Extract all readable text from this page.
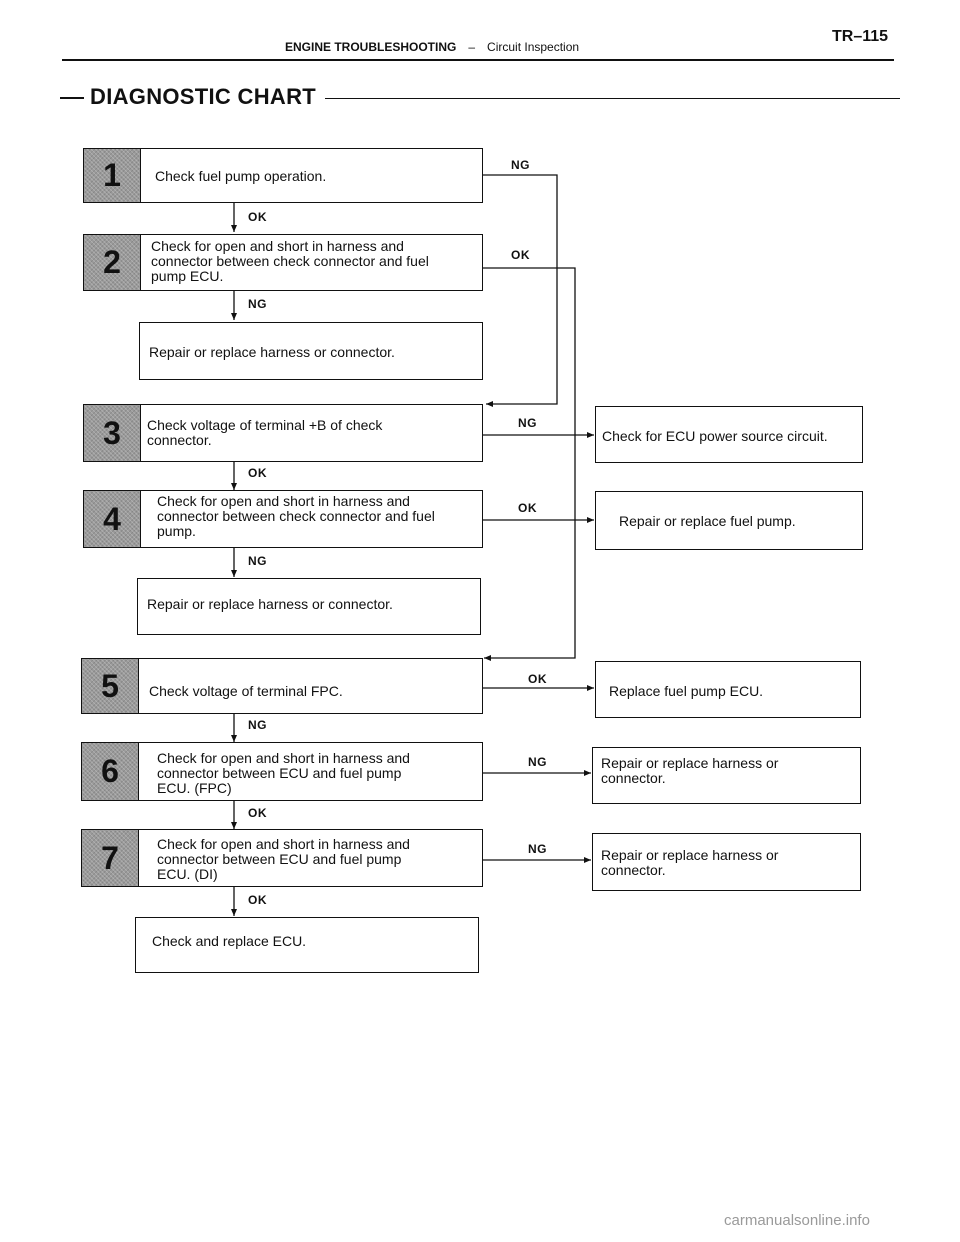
ENGINE TROUBLESHOOTING – Circuit Inspection
TR–115
DIAGNOSTIC CHART
1	Check fuel pump operation.
2	Check for open and short in harness and
connector between check connector and fuel
pump ECU.
Repair or replace harness or connector.
3	Check voltage of terminal +B of check
connector.
4	Check for open and short in harness and
connector between check connector and fuel
pump.
Repair or replace harness or connector.
5	Check voltage of terminal FPC.
6	Check for open and short in harness and
connector between ECU and fuel pump
ECU. (FPC)
7	Check for open and short in harness and
connector between ECU and fuel pump
ECU. (DI)
Check and replace ECU.
Check for ECU power source circuit.
Repair or replace fuel pump.
Replace fuel pump ECU.
Repair or replace harness or
connector.
Repair or replace harness or
connector.
NG
OK
OK
NG
NG
OK
OK
NG
OK
NG
NG
OK
NG
OK
carmanualsonline.info
